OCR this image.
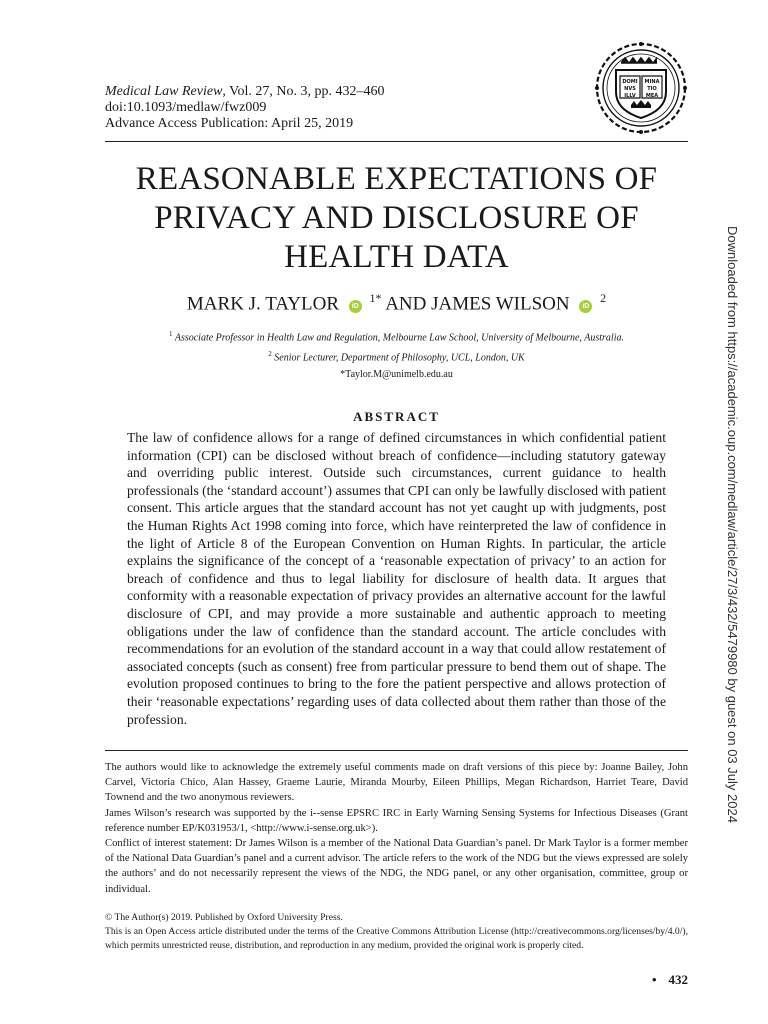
Medical Law Review, Vol. 27, No. 3, pp. 432–460
doi:10.1093/medlaw/fwz009
Advance Access Publication: April 25, 2019
DOMI
NVS
ILLV
MINA
TIO
MEA
REASONABLE EXPECTATIONS OF
PRIVACY AND DISCLOSURE OF
HEALTH DATA
MARK J. TAYLOR iD $^{1*}$ AND JAMES WILSON iD $^2$
$^1$ Associate Professor in Health Law and Regulation, Melbourne Law School, University of Melbourne, Australia.
$^2$ Senior Lecturer, Department of Philosophy, UCL, London, UK
*Taylor.M@unimelb.edu.au
ABSTRACT

The law of confidence allows for a range of defined circumstances in which confidential patient information (CPI) can be disclosed without breach of confidence—including statutory gateway and overriding public interest. Outside such circumstances, current guidance to health professionals (the ‘standard account’) assumes that CPI can only be lawfully disclosed with patient consent. This article argues that the standard account has not yet caught up with judgments, post the Human Rights Act 1998 coming into force, which have reinterpreted the law of confidence in the light of Article 8 of the European Convention on Human Rights. In particular, the article explains the significance of the concept of a ‘reasonable expectation of privacy’ to an action for breach of confidence and thus to legal liability for disclosure of health data. It argues that conformity with a reasonable expectation of privacy provides an alternative account for the lawful disclosure of CPI, and may provide a more sustainable and authentic approach to meeting obligations under the law of confidence than the standard account. The article concludes with recommendations for an evolution of the standard account in a way that could allow restatement of associated concepts (such as consent) free from particular pressure to bend them out of shape. The evolution proposed continues to bring to the fore the patient perspective and allows protection of their ‘reasonable expectations’ regarding uses of data collected about them rather than those of the profession.	Downloaded from https://academic.oup.com/medlaw/article/27/3/432/5479980 by guest on 03 July 2024

The authors would like to acknowledge the extremely useful comments made on draft versions of this piece by: Joanne Bailey, John Carvel, Victoria Chico, Alan Hassey, Graeme Laurie, Miranda Mourby, Eileen Phillips, Megan Richardson, Harriet Teare, David Townend and the two anonymous reviewers.

James Wilson’s research was supported by the i--sense EPSRC IRC in Early Warning Sensing Systems for Infectious Diseases (Grant reference number EP/K031953/1, <http://www.i-sense.org.uk>).

Conflict of interest statement: Dr James Wilson is a member of the National Data Guardian’s panel. Dr Mark Taylor is a former member of the National Data Guardian’s panel and a current advisor. The article refers to the work of the NDG but the views expressed are solely the authors’ and do not necessarily represent the views of the NDG, the NDG panel, or any other organisation, committee, group or individual.

© The Author(s) 2019. Published by Oxford University Press.

This is an Open Access article distributed under the terms of the Creative Commons Attribution License (http://creativecommons.org/licenses/by/4.0/), which permits unrestricted reuse, distribution, and reproduction in any medium, provided the original work is properly cited.

• 432
